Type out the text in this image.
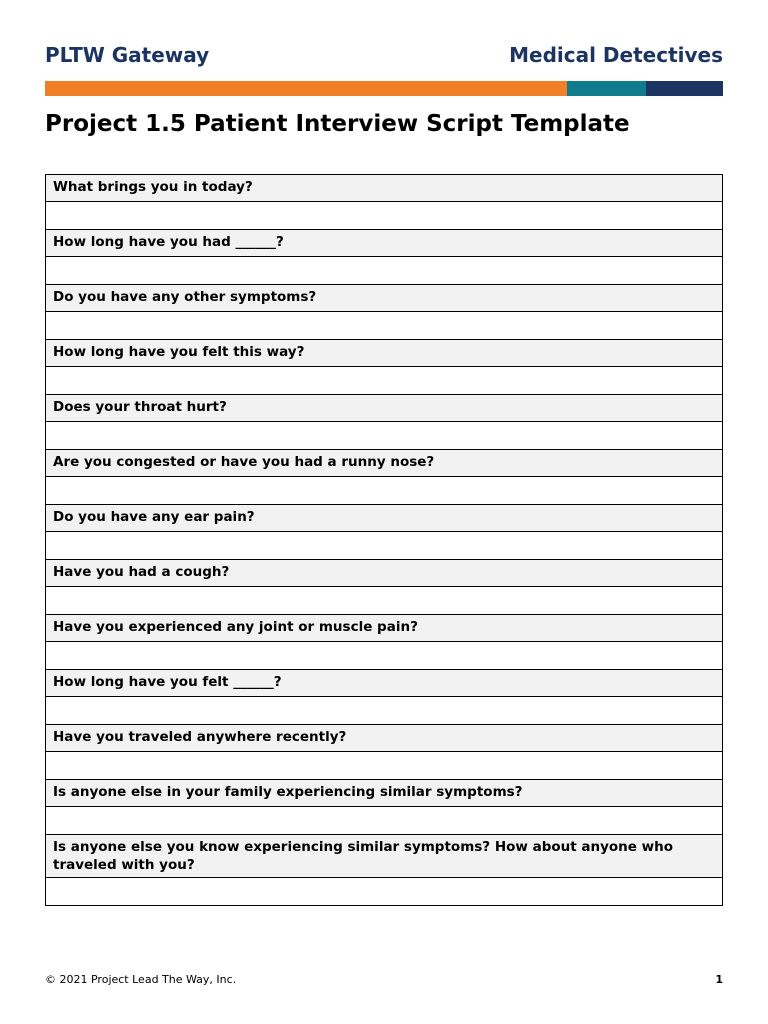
PLTW Gateway	Medical Detectives
Project 1.5 Patient Interview Script Template
What brings you in today?

How long have you had ______?

Do you have any other symptoms?

How long have you felt this way?

Does your throat hurt?

Are you congested or have you had a runny nose?

Do you have any ear pain?

Have you had a cough?

Have you experienced any joint or muscle pain?

How long have you felt ______?

Have you traveled anywhere recently?

Is anyone else in your family experiencing similar symptoms?

Is anyone else you know experiencing similar symptoms? How about anyone who traveled with you?

© 2021 Project Lead The Way, Inc.	1
